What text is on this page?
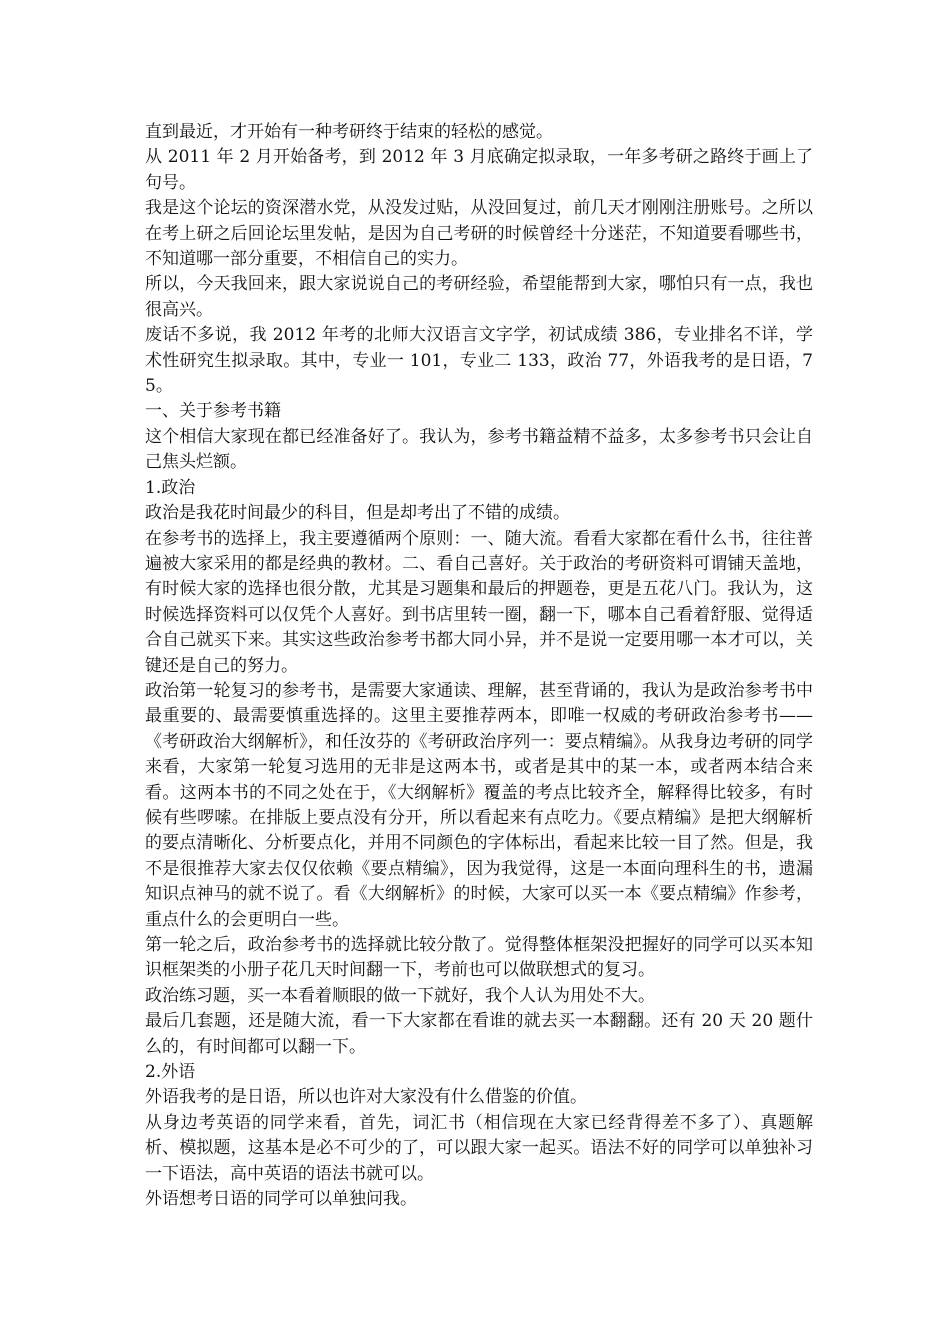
直到最近，才开始有一种考研终于结束的轻松的感觉。

从 2011 年 2 月开始备考，到 2012 年 3 月底确定拟录取，一年多考研之路终于画上了句号。

我是这个论坛的资深潜水党，从没发过贴，从没回复过，前几天才刚刚注册账号。之所以在考上研之后回论坛里发帖，是因为自己考研的时候曾经十分迷茫，不知道要看哪些书，不知道哪一部分重要，不相信自己的实力。

所以，今天我回来，跟大家说说自己的考研经验，希望能帮到大家，哪怕只有一点，我也很高兴。

废话不多说，我 2012 年考的北师大汉语言文字学，初试成绩 386，专业排名不详，学术性研究生拟录取。其中，专业一 101，专业二 133，政治 77，外语我考的是日语，75。

一、关于参考书籍

这个相信大家现在都已经准备好了。我认为，参考书籍益精不益多，太多参考书只会让自己焦头烂额。

1.政治

政治是我花时间最少的科目，但是却考出了不错的成绩。

在参考书的选择上，我主要遵循两个原则：一、随大流。看看大家都在看什么书，往往普遍被大家采用的都是经典的教材。二、看自己喜好。关于政治的考研资料可谓铺天盖地，有时候大家的选择也很分散，尤其是习题集和最后的押题卷，更是五花八门。我认为，这时候选择资料可以仅凭个人喜好。到书店里转一圈，翻一下，哪本自己看着舒服、觉得适合自己就买下来。其实这些政治参考书都大同小异，并不是说一定要用哪一本才可以，关键还是自己的努力。

政治第一轮复习的参考书，是需要大家通读、理解，甚至背诵的，我认为是政治参考书中最重要的、最需要慎重选择的。这里主要推荐两本，即唯一权威的考研政治参考书——《考研政治大纲解析》，和任汝芬的《考研政治序列一：要点精编》。从我身边考研的同学来看，大家第一轮复习选用的无非是这两本书，或者是其中的某一本，或者两本结合来看。这两本书的不同之处在于，《大纲解析》覆盖的考点比较齐全，解释得比较多，有时候有些啰嗦。在排版上要点没有分开，所以看起来有点吃力。《要点精编》是把大纲解析的要点清晰化、分析要点化，并用不同颜色的字体标出，看起来比较一目了然。但是，我不是很推荐大家去仅仅依赖《要点精编》，因为我觉得，这是一本面向理科生的书，遗漏知识点神马的就不说了。看《大纲解析》的时候，大家可以买一本《要点精编》作参考，重点什么的会更明白一些。

第一轮之后，政治参考书的选择就比较分散了。觉得整体框架没把握好的同学可以买本知识框架类的小册子花几天时间翻一下，考前也可以做联想式的复习。

政治练习题，买一本看着顺眼的做一下就好，我个人认为用处不大。

最后几套题，还是随大流，看一下大家都在看谁的就去买一本翻翻。还有 20 天 20 题什么的，有时间都可以翻一下。

2.外语

外语我考的是日语，所以也许对大家没有什么借鉴的价值。

从身边考英语的同学来看，首先，词汇书（相信现在大家已经背得差不多了）、真题解析、模拟题，这基本是必不可少的了，可以跟大家一起买。语法不好的同学可以单独补习一下语法，高中英语的语法书就可以。

外语想考日语的同学可以单独问我。
